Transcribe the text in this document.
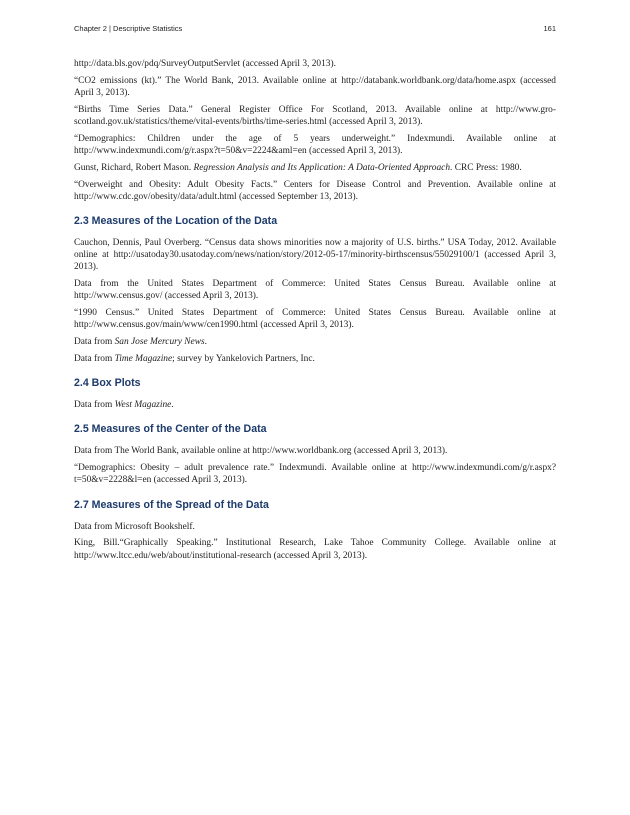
Chapter 2 | Descriptive Statistics	161

http://data.bls.gov/pdq/SurveyOutputServlet (accessed April 3, 2013).

“CO2 emissions (kt).” The World Bank, 2013. Available online at http://databank.worldbank.org/data/home.aspx (accessed April 3, 2013).

“Births Time Series Data.” General Register Office For Scotland, 2013. Available online at http://www.gro-scotland.gov.uk/statistics/theme/vital-events/births/time-series.html (accessed April 3, 2013).

“Demographics: Children under the age of 5 years underweight.” Indexmundi. Available online at http://www.indexmundi.com/g/r.aspx?t=50&v=2224&aml=en (accessed April 3, 2013).

Gunst, Richard, Robert Mason. Regression Analysis and Its Application: A Data-Oriented Approach. CRC Press: 1980.

“Overweight and Obesity: Adult Obesity Facts.” Centers for Disease Control and Prevention. Available online at http://www.cdc.gov/obesity/data/adult.html (accessed September 13, 2013).

2.3 Measures of the Location of the Data

Cauchon, Dennis, Paul Overberg. “Census data shows minorities now a majority of U.S. births.” USA Today, 2012. Available online at http://usatoday30.usatoday.com/news/nation/story/2012-05-17/minority-birthscensus/55029100/1 (accessed April 3, 2013).

Data from the United States Department of Commerce: United States Census Bureau. Available online at http://www.census.gov/ (accessed April 3, 2013).

“1990 Census.” United States Department of Commerce: United States Census Bureau. Available online at http://www.census.gov/main/www/cen1990.html (accessed April 3, 2013).

Data from San Jose Mercury News.

Data from Time Magazine; survey by Yankelovich Partners, Inc.

2.4 Box Plots

Data from West Magazine.

2.5 Measures of the Center of the Data

Data from The World Bank, available online at http://www.worldbank.org (accessed April 3, 2013).

“Demographics: Obesity – adult prevalence rate.” Indexmundi. Available online at http://www.indexmundi.com/g/r.aspx?t=50&v=2228&l=en (accessed April 3, 2013).

2.7 Measures of the Spread of the Data

Data from Microsoft Bookshelf.

King, Bill.“Graphically Speaking.” Institutional Research, Lake Tahoe Community College. Available online at http://www.ltcc.edu/web/about/institutional-research (accessed April 3, 2013).
